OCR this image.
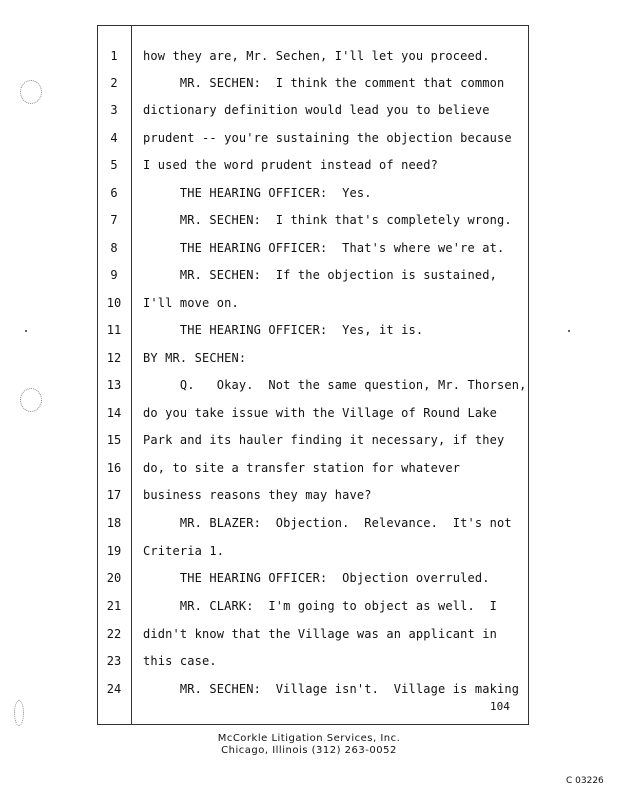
1	how they are, Mr. Sechen, I'll let you proceed.
2	MR. SECHEN:  I think the comment that common
3	dictionary definition would lead you to believe
4	prudent -- you're sustaining the objection because
5	I used the word prudent instead of need?
6	THE HEARING OFFICER:  Yes.
7	MR. SECHEN:  I think that's completely wrong.
8	THE HEARING OFFICER:  That's where we're at.
9	MR. SECHEN:  If the objection is sustained,
10	I'll move on.
11	THE HEARING OFFICER:  Yes, it is.
12	BY MR. SECHEN:
13	Q.   Okay.  Not the same question, Mr. Thorsen,
14	do you take issue with the Village of Round Lake
15	Park and its hauler finding it necessary, if they
16	do, to site a transfer station for whatever
17	business reasons they may have?
18	MR. BLAZER:  Objection.  Relevance.  It's not
19	Criteria 1.
20	THE HEARING OFFICER:  Objection overruled.
21	MR. CLARK:  I'm going to object as well.  I
22	didn't know that the Village was an applicant in
23	this case.
24	MR. SECHEN:  Village isn't.  Village is making
104
McCorkle Litigation Services, Inc.
Chicago, Illinois (312) 263-0052
C 03226
